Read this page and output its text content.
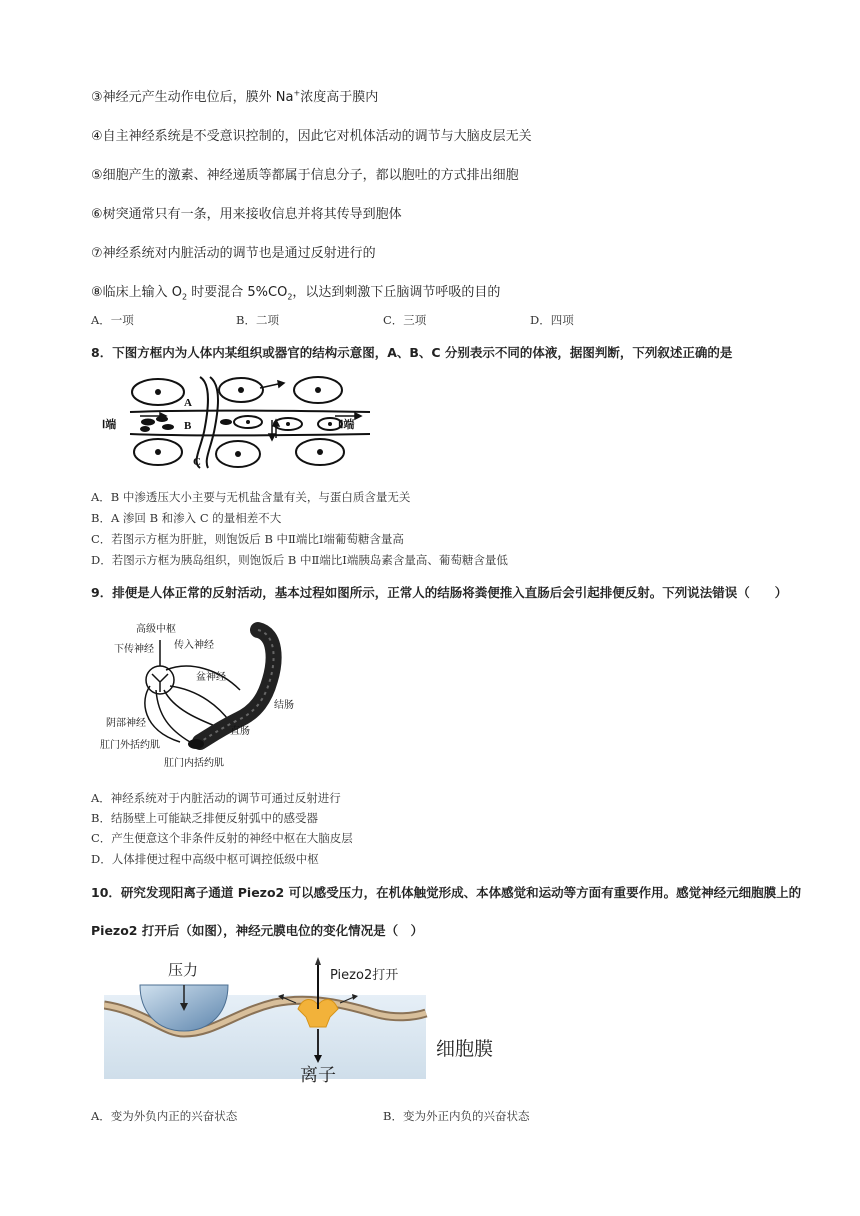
③神经元产生动作电位后，膜外 Na+浓度高于膜内
④自主神经系统是不受意识控制的，因此它对机体活动的调节与大脑皮层无关
⑤细胞产生的激素、神经递质等都属于信息分子，都以胞吐的方式排出细胞
⑥树突通常只有一条，用来接收信息并将其传导到胞体
⑦神经系统对内脏活动的调节也是通过反射进行的
⑧临床上输入 $O_2$ 时要混合 $5\%CO_2$，以达到刺激下丘脑调节呼吸的目的
A．一项	B．二项	C．三项	D．四项
8．下图方框内为人体内某组织或器官的结构示意图，A、B、C 分别表示不同的体液，据图判断，下列叙述正确的是
Ⅰ端	Ⅱ端
A
B
C
A．B 中渗透压大小主要与无机盐含量有关，与蛋白质含量无关
B．A 渗回 B 和渗入 C 的量相差不大
C．若图示方框为肝脏，则饱饭后 B 中Ⅱ端比Ⅰ端葡萄糖含量高
D．若图示方框为胰岛组织，则饱饭后 B 中Ⅱ端比Ⅰ端胰岛素含量高、葡萄糖含量低
9．排便是人体正常的反射活动，基本过程如图所示，正常人的结肠将粪便推入直肠后会引起排便反射。下列说法错误（　　）
高级中枢
下传神经 传入神经
盆神经
结肠
阴部神经
直肠
肛门外括约肌
肛门内括约肌
A．神经系统对于内脏活动的调节可通过反射进行
B．结肠壁上可能缺乏排便反射弧中的感受器
C．产生便意这个非条件反射的神经中枢在大脑皮层
D．人体排便过程中高级中枢可调控低级中枢
10．研究发现阳离子通道 Piezo2 可以感受压力，在机体触觉形成、本体感觉和运动等方面有重要作用。感觉神经元细胞膜上的
Piezo2 打开后（如图），神经元膜电位的变化情况是（　）
压力	Piezo2打开
细胞膜
离子
A．变为外负内正的兴奋状态	B．变为外正内负的兴奋状态
